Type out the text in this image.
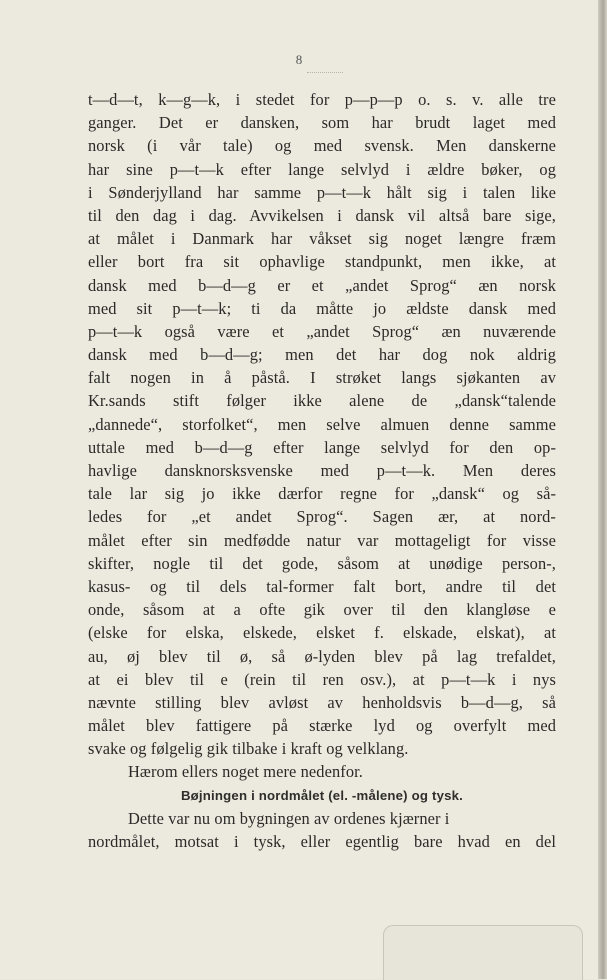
8
t—d—t, k—g—k, i stedet for p—p—p o. s. v. alle tre
ganger. Det er dansken, som har brudt laget med
norsk (i vår tale) og med svensk. Men danskerne
har sine p—t—k efter lange selvlyd i ældre bøker, og
i Sønderjylland har samme p—t—k hålt sig i talen like
til den dag i dag. Avvikelsen i dansk vil altså bare sige,
at målet i Danmark har våkset sig noget længre fræm
eller bort fra sit ophavlige standpunkt, men ikke, at
dansk med b—d—g er et „andet Sprog“ æn norsk
med sit p—t—k; ti da måtte jo ældste dansk med
p—t—k også være et „andet Sprog“ æn nuværende
dansk med b—d—g; men det har dog nok aldrig
falt nogen in å påstå. I strøket langs sjøkanten av
Kr.sands stift følger ikke alene de „dansk“talende
„dannede“, storfolket“, men selve almuen denne samme
uttale med b—d—g efter lange selvlyd for den op-
havlige dansknorsksvenske med p—t—k. Men deres
tale lar sig jo ikke dærfor regne for „dansk“ og så-
ledes for „et andet Sprog“. Sagen ær, at nord-
målet efter sin medfødde natur var mottageligt for visse
skifter, nogle til det gode, såsom at unødige person-,
kasus- og til dels tal-former falt bort, andre til det
onde, såsom at a ofte gik over til den klangløse e
(elske for elska, elskede, elsket f. elskade, elskat), at
au, øj blev til ø, så ø-lyden blev på lag trefaldet,
at ei blev til e (rein til ren osv.), at p—t—k i nys
nævnte stilling blev avløst av henholdsvis b—d—g, så
målet blev fattigere på stærke lyd og overfylt med
svake og følgelig gik tilbake i kraft og velklang.
Hærom ellers noget mere nedenfor.
Bøjningen i nordmålet (el. -målene) og tysk.
Dette var nu om bygningen av ordenes kjærner i
nordmålet, motsat i tysk, eller egentlig bare hvad en del
